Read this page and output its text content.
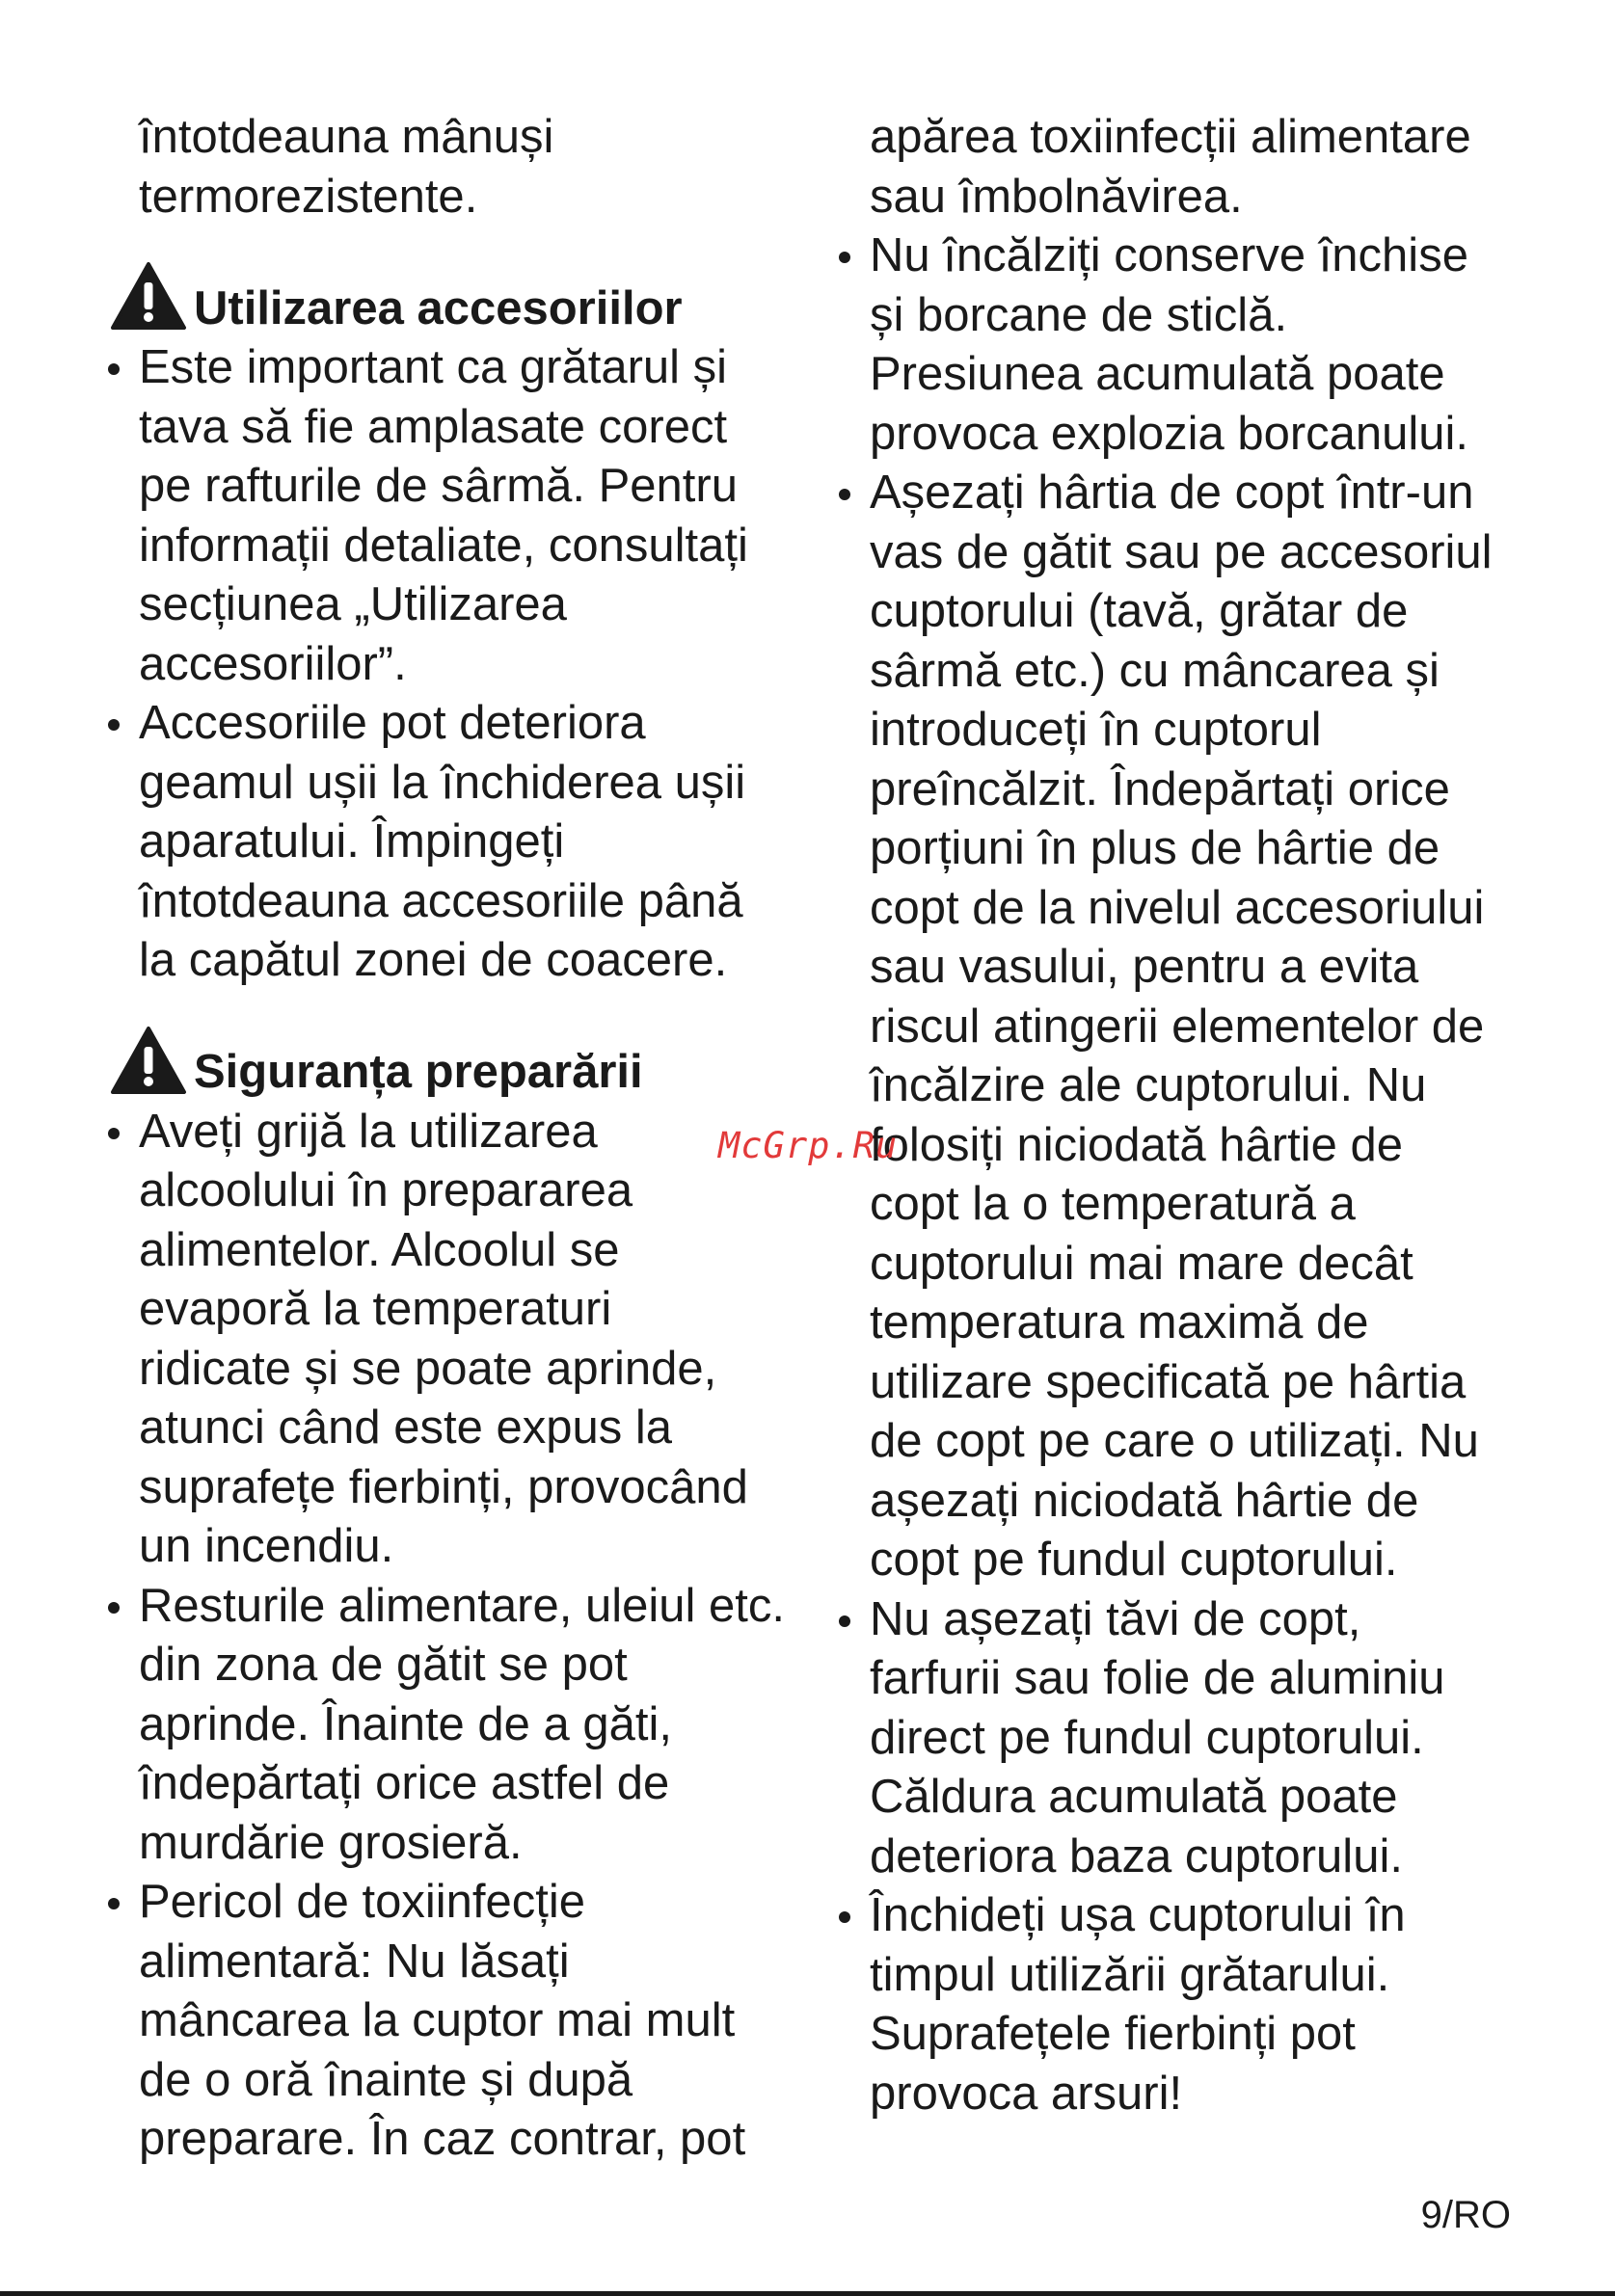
întotdeauna mânuși
termorezistente.

Utilizarea accesoriilor
Este important ca grătarul și
tava să fie amplasate corect
pe rafturile de sârmă. Pentru
informații detaliate, consultați
secțiunea „Utilizarea
accesoriilor”.
Accesoriile pot deteriora
geamul ușii la închiderea ușii
aparatului. Împingeți
întotdeauna accesoriile până
la capătul zonei de coacere.
Siguranța preparării
Aveți grijă la utilizarea
alcoolului în prepararea
alimentelor. Alcoolul se
evaporă la temperaturi
ridicate și se poate aprinde,
atunci când este expus la
suprafețe fierbinți, provocând
un incendiu.
Resturile alimentare, uleiul etc.
din zona de gătit se pot
aprinde. Înainte de a găti,
îndepărtați orice astfel de
murdărie grosieră.
Pericol de toxiinfecție
alimentară: Nu lăsați
mâncarea la cuptor mai mult
de o oră înainte și după
preparare. În caz contrar, pot

apărea toxiinfecții alimentare
sau îmbolnăvirea.

Nu încălziți conserve închise
și borcane de sticlă.
Presiunea acumulată poate
provoca explozia borcanului.
Așezați hârtia de copt într-un
vas de gătit sau pe accesoriul
cuptorului (tavă, grătar de
sârmă etc.) cu mâncarea și
introduceți în cuptorul
preîncălzit. Îndepărtați orice
porțiuni în plus de hârtie de
copt de la nivelul accesoriului
sau vasului, pentru a evita
riscul atingerii elementelor de
încălzire ale cuptorului. Nu
folosiți niciodată hârtie de
copt la o temperatură a
cuptorului mai mare decât
temperatura maximă de
utilizare specificată pe hârtia
de copt pe care o utilizați. Nu
așezați niciodată hârtie de
copt pe fundul cuptorului.
Nu așezați tăvi de copt,
farfurii sau folie de aluminiu
direct pe fundul cuptorului.
Căldura acumulată poate
deteriora baza cuptorului.
Închideți ușa cuptorului în
timpul utilizării grătarului.
Suprafețele fierbinți pot
provoca arsuri!
McGrp.Ru
9/RO
